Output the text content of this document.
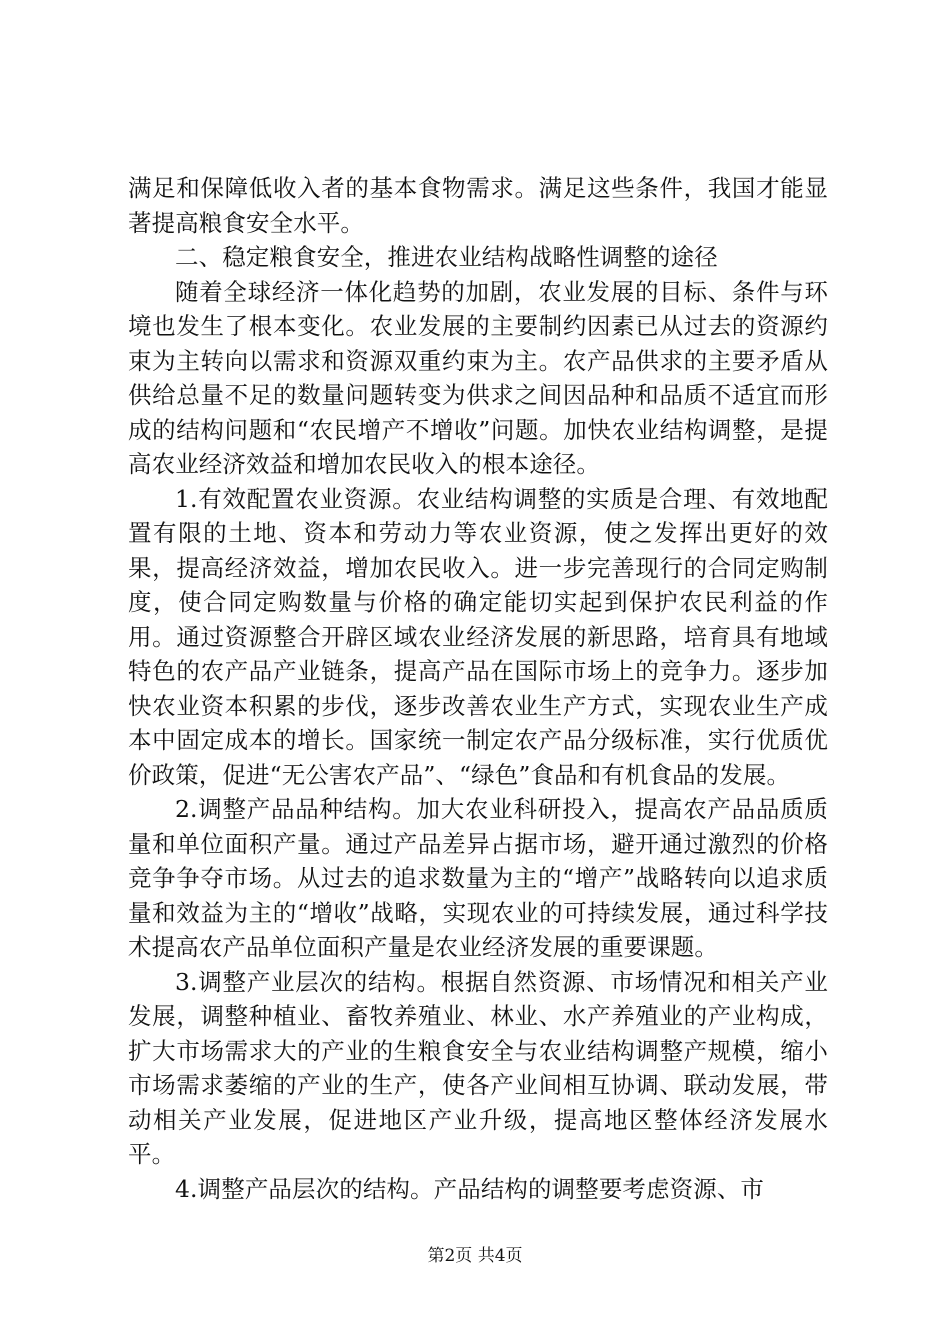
满足和保障低收入者的基本食物需求。满足这些条件，我国才能显著提高粮食安全水平。

二、稳定粮食安全，推进农业结构战略性调整的途径

随着全球经济一体化趋势的加剧，农业发展的目标、条件与环境也发生了根本变化。农业发展的主要制约因素已从过去的资源约束为主转向以需求和资源双重约束为主。农产品供求的主要矛盾从供给总量不足的数量问题转变为供求之间因品种和品质不适宜而形成的结构问题和“农民增产不增收”问题。加快农业结构调整，是提高农业经济效益和增加农民收入的根本途径。

1.有效配置农业资源。农业结构调整的实质是合理、有效地配置有限的土地、资本和劳动力等农业资源，使之发挥出更好的效果，提高经济效益，增加农民收入。进一步完善现行的合同定购制度，使合同定购数量与价格的确定能切实起到保护农民利益的作用。通过资源整合开辟区域农业经济发展的新思路，培育具有地域特色的农产品产业链条，提高产品在国际市场上的竞争力。逐步加快农业资本积累的步伐，逐步改善农业生产方式，实现农业生产成本中固定成本的增长。国家统一制定农产品分级标准，实行优质优价政策，促进“无公害农产品”、“绿色”食品和有机食品的发展。

2.调整产品品种结构。加大农业科研投入，提高农产品品质质量和单位面积产量。通过产品差异占据市场，避开通过激烈的价格竞争争夺市场。从过去的追求数量为主的“增产”战略转向以追求质量和效益为主的“增收”战略，实现农业的可持续发展，通过科学技术提高农产品单位面积产量是农业经济发展的重要课题。

3.调整产业层次的结构。根据自然资源、市场情况和相关产业发展，调整种植业、畜牧养殖业、林业、水产养殖业的产业构成，扩大市场需求大的产业的生粮食安全与农业结构调整产规模，缩小市场需求萎缩的产业的生产，使各产业间相互协调、联动发展，带动相关产业发展，促进地区产业升级，提高地区整体经济发展水平。

4.调整产品层次的结构。产品结构的调整要考虑资源、市

第2页 共4页
